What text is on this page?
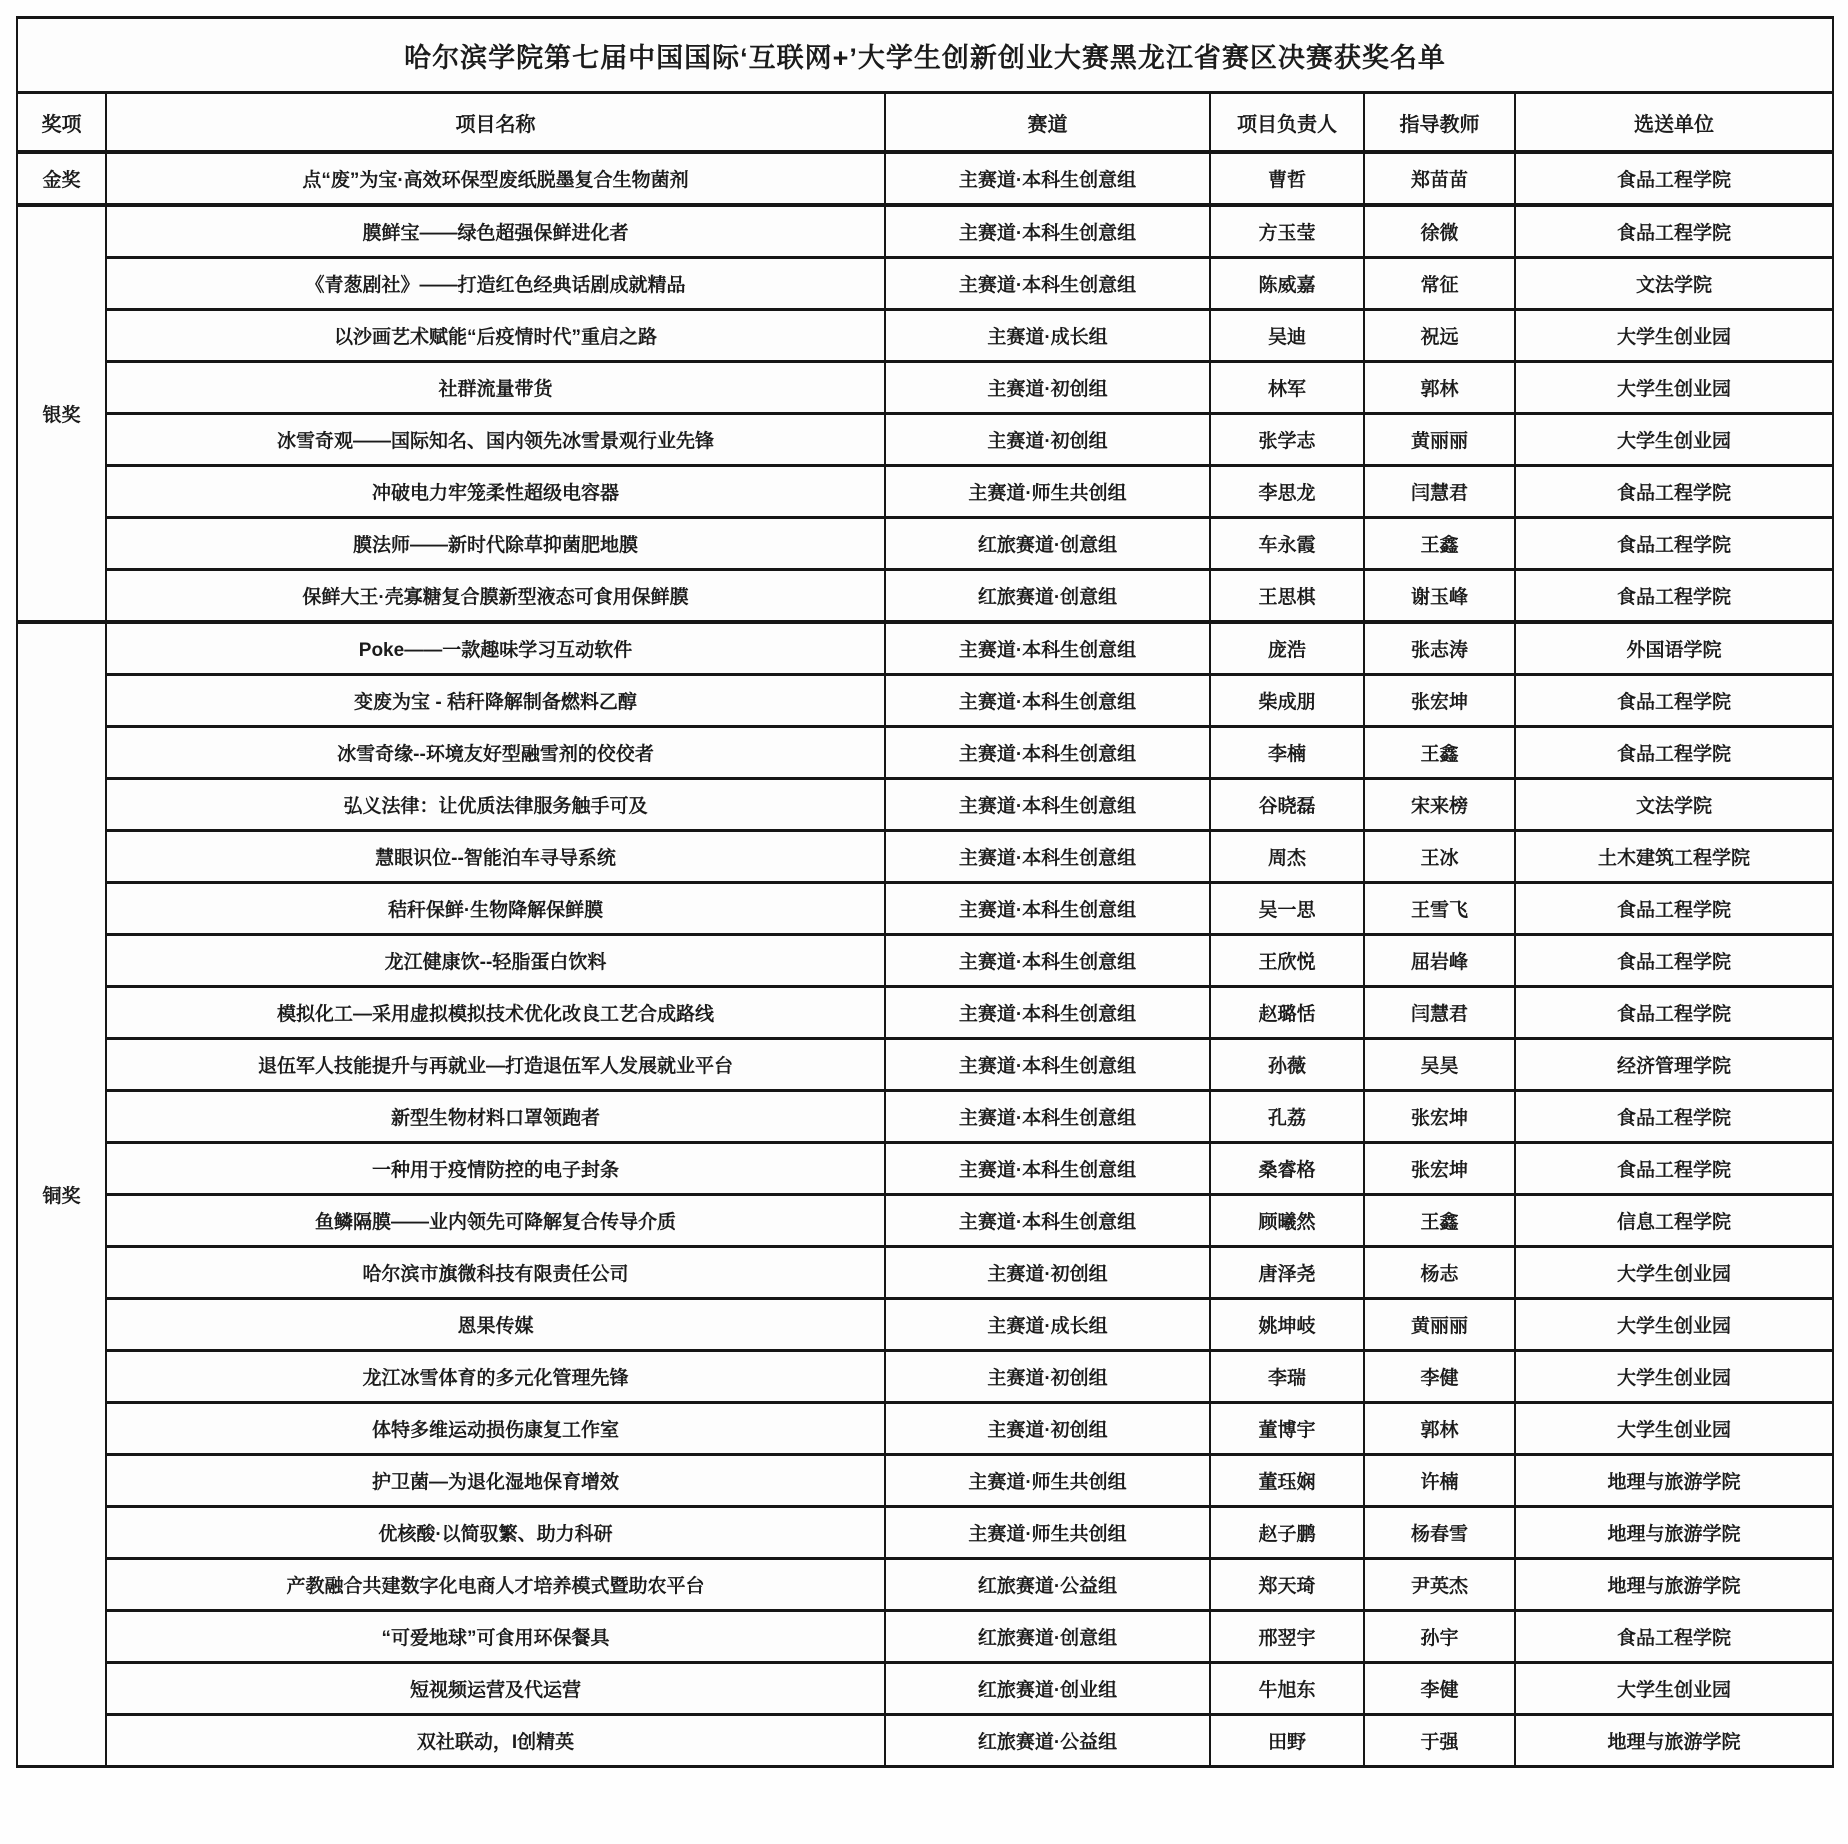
哈尔滨学院第七届中国国际‘互联网+’大学生创新创业大赛黑龙江省赛区决赛获奖名单					
奖项	项目名称	赛道	项目负责人	指导教师	选送单位
金奖	点“废”为宝·高效环保型废纸脱墨复合生物菌剂	主赛道·本科生创意组	曹哲	郑苗苗	食品工程学院
银奖	膜鲜宝——绿色超强保鲜进化者	主赛道·本科生创意组	方玉莹	徐微	食品工程学院
	《青葱剧社》——打造红色经典话剧成就精品	主赛道·本科生创意组	陈威嘉	常征	文法学院
	以沙画艺术赋能“后疫情时代”重启之路	主赛道·成长组	吴迪	祝远	大学生创业园
	社群流量带货	主赛道·初创组	林军	郭林	大学生创业园
	冰雪奇观——国际知名、国内领先冰雪景观行业先锋	主赛道·初创组	张学志	黄丽丽	大学生创业园
	冲破电力牢笼柔性超级电容器	主赛道·师生共创组	李思龙	闫慧君	食品工程学院
	膜法师——新时代除草抑菌肥地膜	红旅赛道·创意组	车永霞	王鑫	食品工程学院
	保鲜大王·壳寡糖复合膜新型液态可食用保鲜膜	红旅赛道·创意组	王思棋	谢玉峰	食品工程学院
铜奖	Poke——一款趣味学习互动软件	主赛道·本科生创意组	庞浩	张志涛	外国语学院
	变废为宝 - 秸秆降解制备燃料乙醇	主赛道·本科生创意组	柴成朋	张宏坤	食品工程学院
	冰雪奇缘--环境友好型融雪剂的佼佼者	主赛道·本科生创意组	李楠	王鑫	食品工程学院
	弘义法律：让优质法律服务触手可及	主赛道·本科生创意组	谷晓磊	宋来榜	文法学院
	慧眼识位--智能泊车寻导系统	主赛道·本科生创意组	周杰	王冰	土木建筑工程学院
	秸秆保鲜·生物降解保鲜膜	主赛道·本科生创意组	吴一思	王雪飞	食品工程学院
	龙江健康饮--轻脂蛋白饮料	主赛道·本科生创意组	王欣悦	屈岩峰	食品工程学院
	模拟化工—采用虚拟模拟技术优化改良工艺合成路线	主赛道·本科生创意组	赵璐恬	闫慧君	食品工程学院
	退伍军人技能提升与再就业—打造退伍军人发展就业平台	主赛道·本科生创意组	孙薇	吴昊	经济管理学院
	新型生物材料口罩领跑者	主赛道·本科生创意组	孔荔	张宏坤	食品工程学院
	一种用于疫情防控的电子封条	主赛道·本科生创意组	桑睿格	张宏坤	食品工程学院
	鱼鳞隔膜——业内领先可降解复合传导介质	主赛道·本科生创意组	顾曦然	王鑫	信息工程学院
	哈尔滨市旗微科技有限责任公司	主赛道·初创组	唐泽尧	杨志	大学生创业园
	恩果传媒	主赛道·成长组	姚坤岐	黄丽丽	大学生创业园
	龙江冰雪体育的多元化管理先锋	主赛道·初创组	李瑞	李健	大学生创业园
	体特多维运动损伤康复工作室	主赛道·初创组	董博宇	郭林	大学生创业园
	护卫菌—为退化湿地保育增效	主赛道·师生共创组	董珏娴	许楠	地理与旅游学院
	优核酸·以简驭繁、助力科研	主赛道·师生共创组	赵子鹏	杨春雪	地理与旅游学院
	产教融合共建数字化电商人才培养模式暨助农平台	红旅赛道·公益组	郑天琦	尹英杰	地理与旅游学院
	“可爱地球”可食用环保餐具	红旅赛道·创意组	邢翌宇	孙宇	食品工程学院
	短视频运营及代运营	红旅赛道·创业组	牛旭东	李健	大学生创业园
	双社联动，I创精英	红旅赛道·公益组	田野	于强	地理与旅游学院
